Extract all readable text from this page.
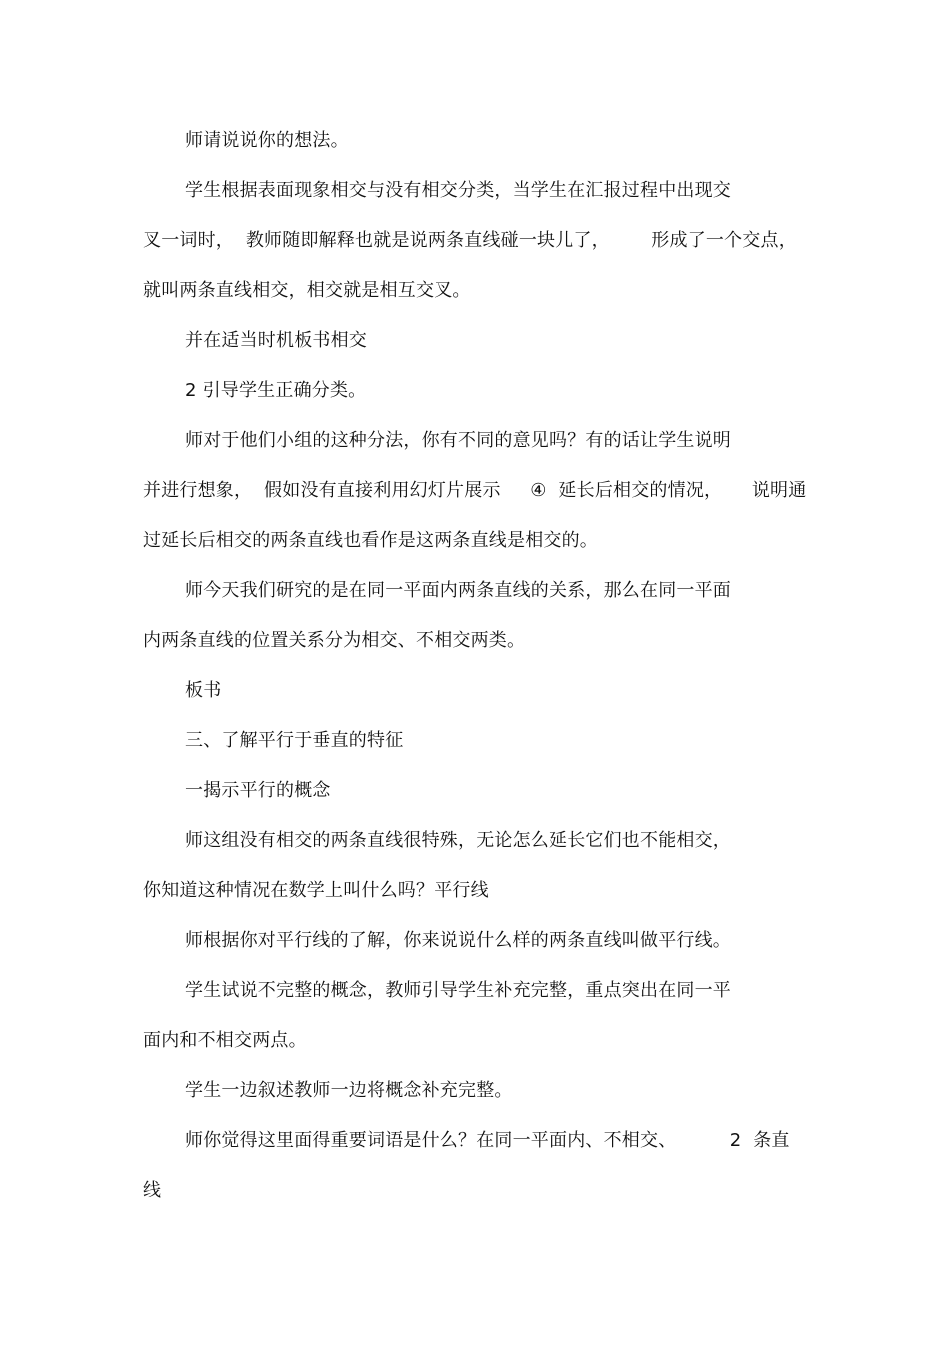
师请说说你的想法。
学生根据表面现象相交与没有相交分类，当学生在汇报过程中出现交
叉一词时，  教师随即解释也就是说两条直线碰一块儿了，       形成了一个交点，
就叫两条直线相交，相交就是相互交叉。
并在适当时机板书相交
2 引导学生正确分类。
师对于他们小组的这种分法，你有不同的意见吗？有的话让学生说明
并进行想象，  假如没有直接利用幻灯片展示     ④  延长后相交的情况，     说明通
过延长后相交的两条直线也看作是这两条直线是相交的。
师今天我们研究的是在同一平面内两条直线的关系，那么在同一平面
内两条直线的位置关系分为相交、不相交两类。
板书
三、了解平行于垂直的特征
一揭示平行的概念
师这组没有相交的两条直线很特殊，无论怎么延长它们也不能相交，
你知道这种情况在数学上叫什么吗？平行线
师根据你对平行线的了解，你来说说什么样的两条直线叫做平行线。
学生试说不完整的概念，教师引导学生补充完整，重点突出在同一平
面内和不相交两点。
学生一边叙述教师一边将概念补充完整。
师你觉得这里面得重要词语是什么？在同一平面内、不相交、         2  条直
线
